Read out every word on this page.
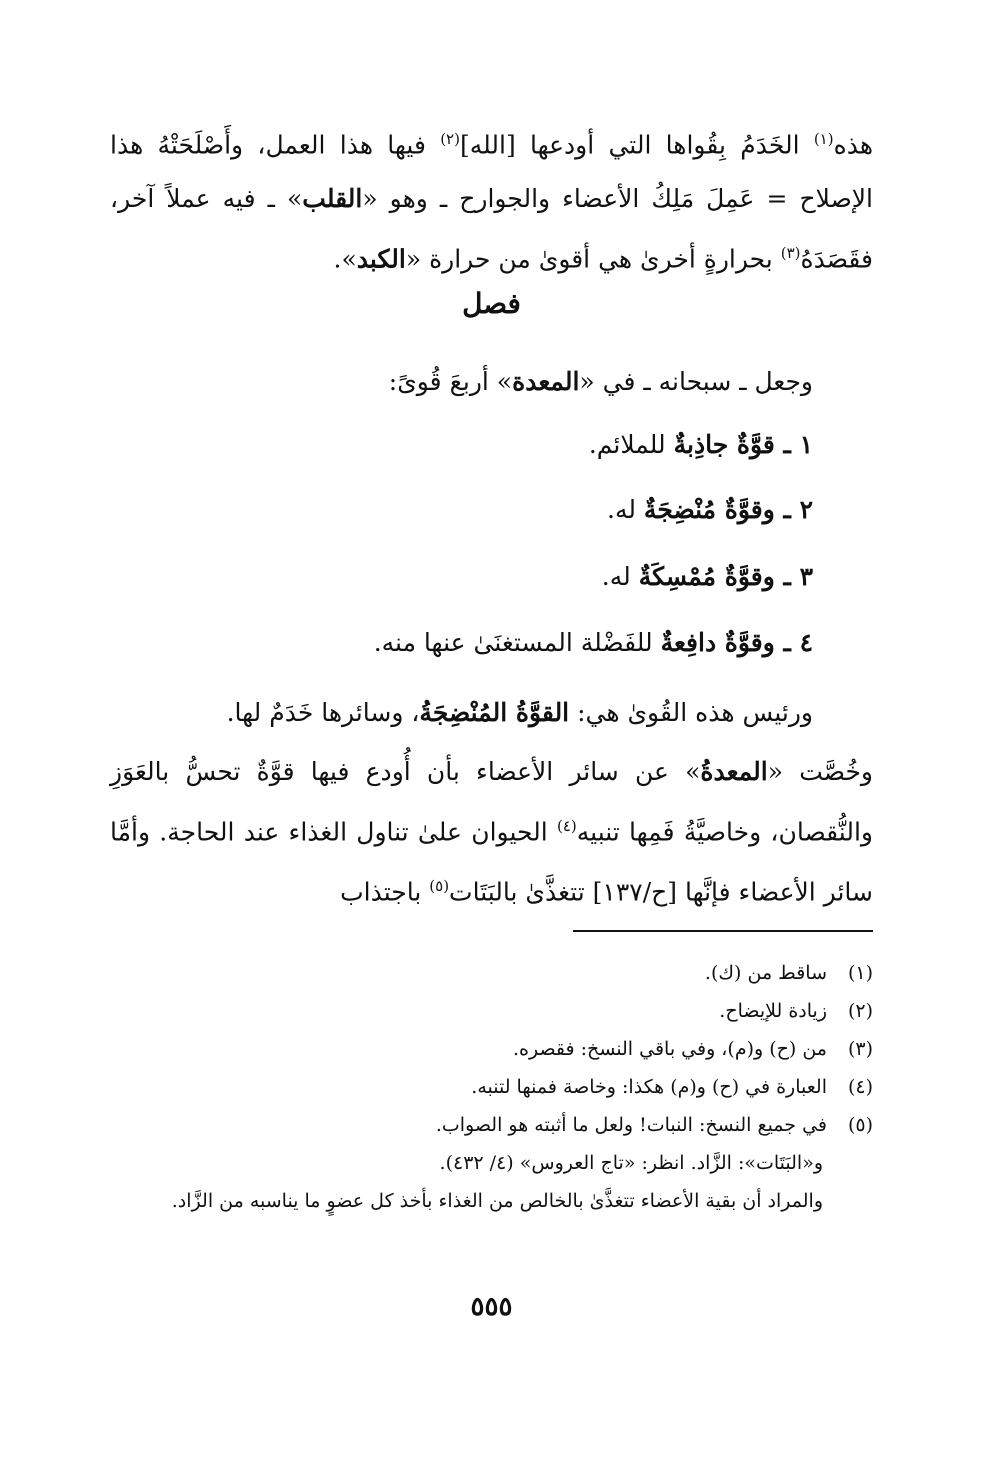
هذه$^{(١)}$ الخَدَمُ بِقُواها التي أودعها [الله]$^{(٢)}$ فيها هذا العمل، وأَصْلَحَتْهُ هذا الإصلاح = عَمِلَ مَلِكُ الأعضاء والجوارح ـ وهو «القلب» ـ فيه عملاً آخر، فقَصَدَهُ$^{(٣)}$ بحرارةٍ أخرىٰ هي أقوىٰ من حرارة «الكبد».
فصل
وجعل ـ سبحانه ـ في «المعدة» أربعَ قُوىً:
١ ـ قوَّةٌ جاذِبةٌ للملائم.
٢ ـ وقوَّةٌ مُنْضِجَةٌ له.
٣ ـ وقوَّةٌ مُمْسِكَةٌ له.
٤ ـ وقوَّةٌ دافِعةٌ للفَضْلة المستغنَىٰ عنها منه.
ورئيس هذه القُوىٰ هي: القوَّةُ المُنْضِجَةُ، وسائرها خَدَمٌ لها.
وخُصَّت «المعدةُ» عن سائر الأعضاء بأن أُودع فيها قوَّةٌ تحسُّ بالعَوَزِ والنُّقصان، وخاصيَّةُ فَمِها تنبيه$^{(٤)}$ الحيوان علىٰ تناول الغذاء عند الحاجة. وأمَّا سائر الأعضاء فإنَّها [ح/١٣٧] تتغذَّىٰ بالبَتَات$^{(٥)}$ باجتذاب
(١)ساقط من (ك).
(٢)زيادة للإيضاح.
(٣)من (ح) و(م)، وفي باقي النسخ: فقصره.
(٤)العبارة في (ح) و(م) هكذا: وخاصة فمنها لتنبه.
(٥)في جميع النسخ: النبات! ولعل ما أثبته هو الصواب.
و«البَتَات»: الزَّاد. انظر: «تاج العروس» (٤/ ٤٣٢).
والمراد أن بقية الأعضاء تتغذَّىٰ بالخالص من الغذاء بأخذ كل عضوٍ ما يناسبه من الزَّاد.
٥٥٥
